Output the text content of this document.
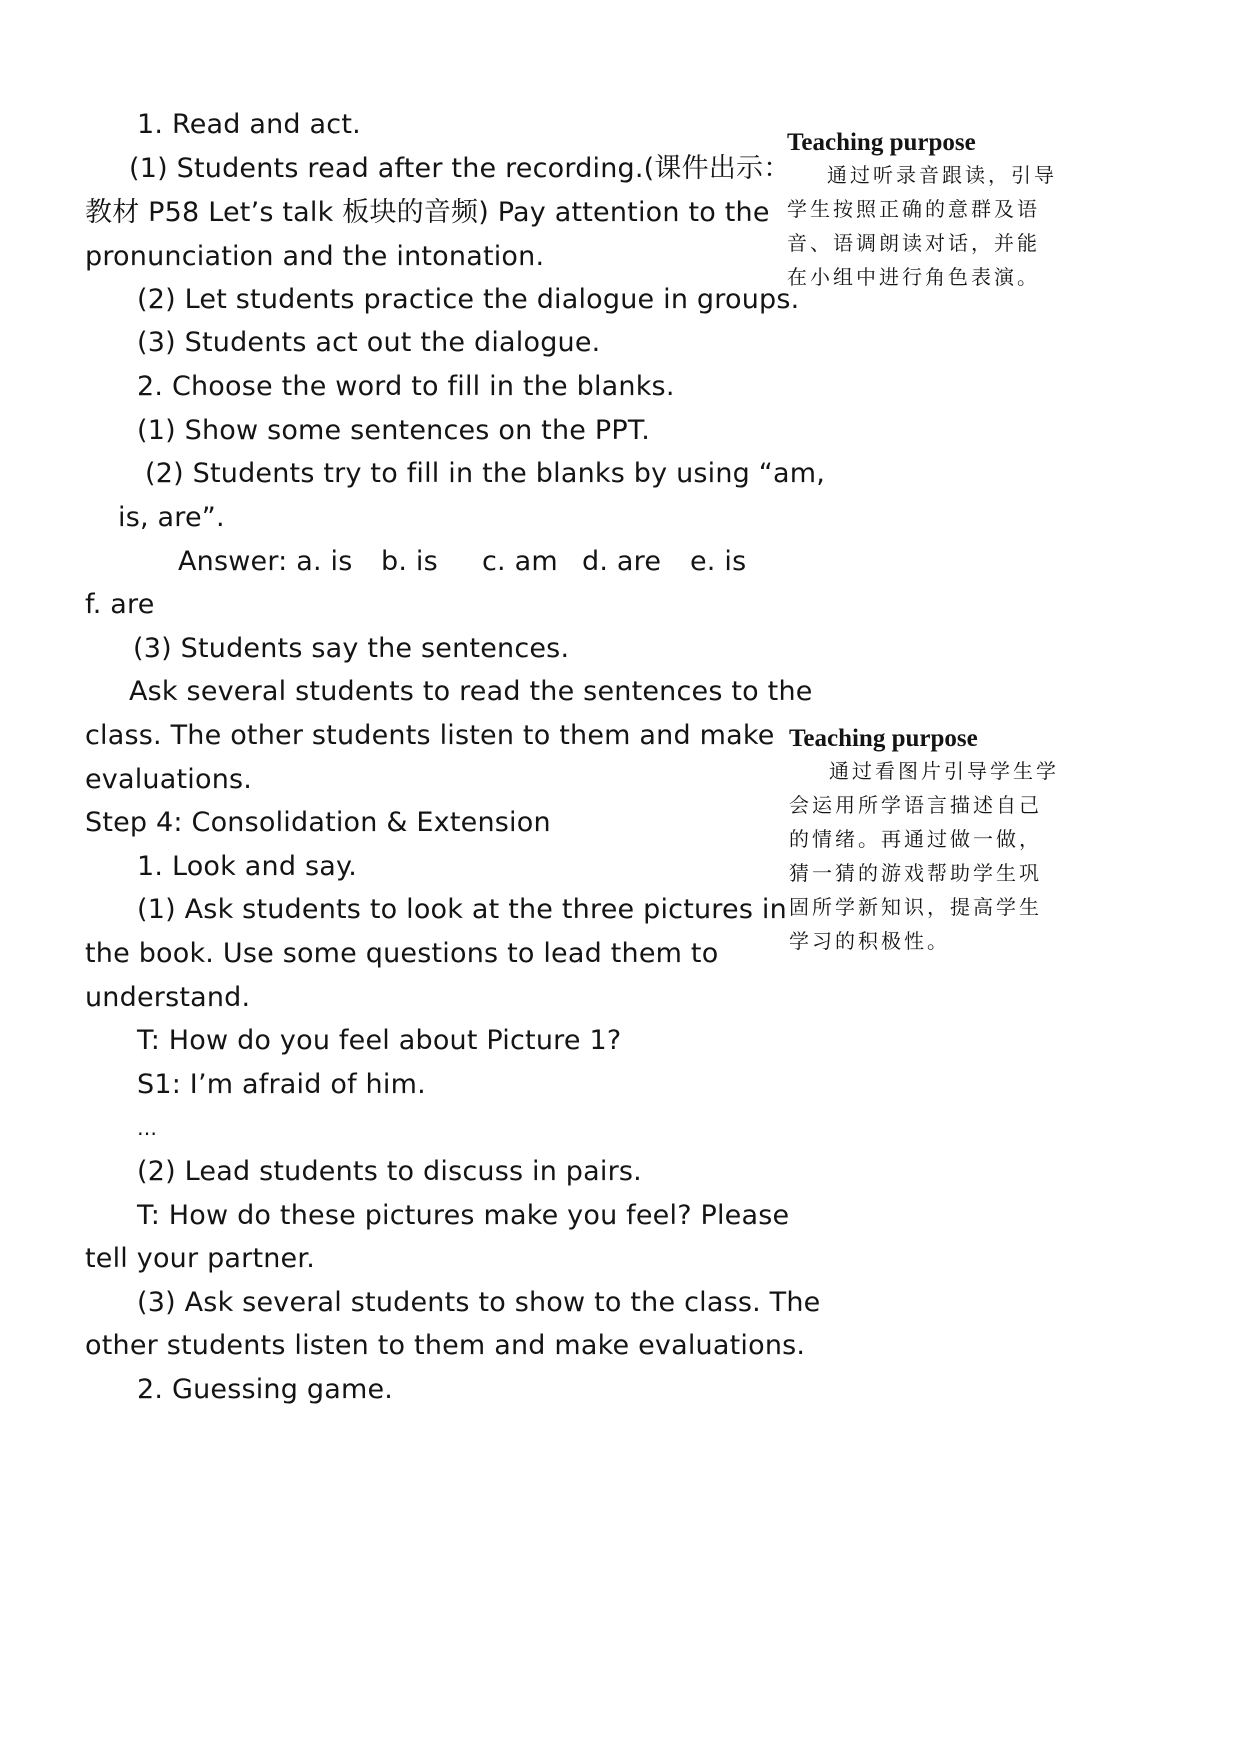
1. Read and act.
(1) Students read after the recording.(课件出示：
教材 P58 Let’s talk 板块的音频) Pay attention to the
pronunciation and the intonation.
(2) Let students practice the dialogue in groups.
(3) Students act out the dialogue.
2. Choose the word to fill in the blanks.
(1) Show some sentences on the PPT.
(2) Students try to fill in the blanks by using “am,
is, are”.
Answer: a. is b. is c. am d. are e. is
f. are
(3) Students say the sentences.
Ask several students to read the sentences to the
class. The other students listen to them and make
evaluations.
Step 4: Consolidation & Extension
1. Look and say.
(1) Ask students to look at the three pictures in
the book. Use some questions to lead them to
understand.
T: How do you feel about Picture 1?
S1: I’m afraid of him.
…
(2) Lead students to discuss in pairs.
T: How do these pictures make you feel? Please
tell your partner.
(3) Ask several students to show to the class. The
other students listen to them and make evaluations.
2. Guessing game.
Teaching purpose
通过听录音跟读，引导学生按照正确的意群及语音、语调朗读对话，并能在小组中进行角色表演。
Teaching purpose
通过看图片引导学生学会运用所学语言描述自己的情绪。再通过做一做，猜一猜的游戏帮助学生巩固所学新知识，提高学生学习的积极性。
